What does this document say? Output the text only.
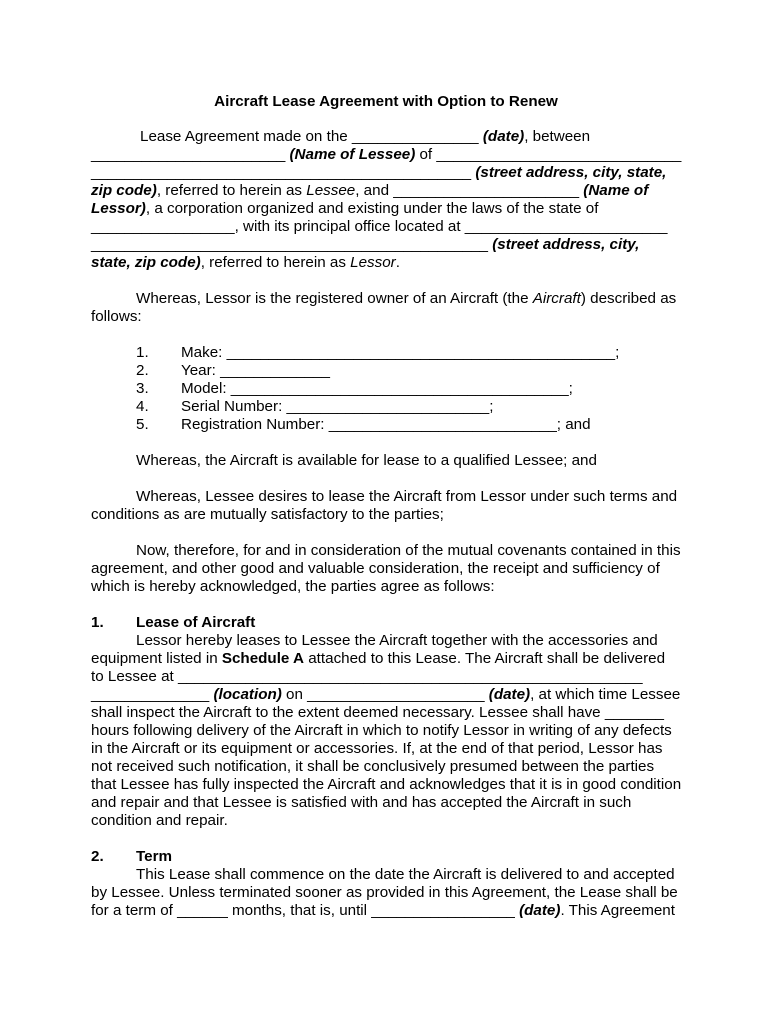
Aircraft Lease Agreement with Option to Renew
Lease Agreement made on the _______________ (date), between
_______________________ (Name of Lessee) of _____________________________
_____________________________________________ (street address, city, state,
zip code), referred to herein as Lessee, and ______________________ (Name of
Lessor), a corporation organized and existing under the laws of the state of
_________________, with its principal office located at ________________________
_______________________________________________ (street address, city,
state, zip code), referred to herein as Lessor.
Whereas, Lessor is the registered owner of an Aircraft (the Aircraft) described as
follows:
1. Make: ______________________________________________;
2. Year: _____________
3. Model: ________________________________________;
4. Serial Number: ________________________;
5. Registration Number: ___________________________; and
Whereas, the Aircraft is available for lease to a qualified Lessee; and
Whereas, Lessee desires to lease the Aircraft from Lessor under such terms and
conditions as are mutually satisfactory to the parties;
Now, therefore, for and in consideration of the mutual covenants contained in this
agreement, and other good and valuable consideration, the receipt and sufficiency of
which is hereby acknowledged, the parties agree as follows:
1. Lease of Aircraft
Lessor hereby leases to Lessee the Aircraft together with the accessories and
equipment listed in Schedule A attached to this Lease. The Aircraft shall be delivered
to Lessee at _______________________________________________________
______________ (location) on _____________________ (date), at which time Lessee
shall inspect the Aircraft to the extent deemed necessary. Lessee shall have _______
hours following delivery of the Aircraft in which to notify Lessor in writing of any defects
in the Aircraft or its equipment or accessories. If, at the end of that period, Lessor has
not received such notification, it shall be conclusively presumed between the parties
that Lessee has fully inspected the Aircraft and acknowledges that it is in good condition
and repair and that Lessee is satisfied with and has accepted the Aircraft in such
condition and repair.
2. Term
This Lease shall commence on the date the Aircraft is delivered to and accepted
by Lessee. Unless terminated sooner as provided in this Agreement, the Lease shall be
for a term of ______ months, that is, until _________________ (date). This Agreement
